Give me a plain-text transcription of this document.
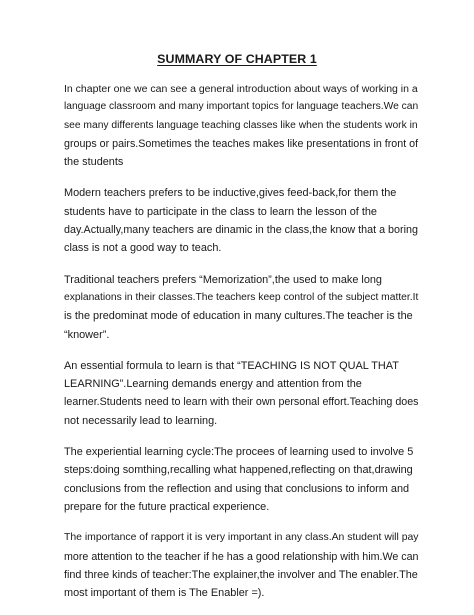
SUMMARY OF CHAPTER 1

In chapter one we can see a general introduction about ways of working in a
language classroom and many important topics for language teachers.We can
see many differents language teaching classes like when the students work in
groups or pairs.Sometimes the teaches makes like presentations in front of
the students

Modern teachers prefers to be inductive,gives feed-back,for them the
students have to participate in the class to learn the lesson of the
day.Actually,many teachers are dinamic in the class,the know that a boring
class is not a good way to teach.

Traditional teachers prefers “Memorization”,the used to make long
explanations in their classes.The teachers keep control of the subject matter.It
is the predominat mode of education in many cultures.The teacher is the
“knower”.

An essential formula to learn is that “TEACHING IS NOT QUAL THAT
LEARNING”.Learning demands energy and attention from the
learner.Students need to learn with their own personal effort.Teaching does
not necessarily lead to learning.

The experiential learning cycle:The procees of learning used to involve 5
steps:doing somthing,recalling what happened,reflecting on that,drawing
conclusions from the reflection and using that conclusions to inform and
prepare for the future practical experience.

The importance of rapport it is very important in any class.An student will pay
more attention to the teacher if he has a good relationship with him.We can
find three kinds of teacher:The explainer,the involver and The enabler.The
most important of them is The Enabler =).
